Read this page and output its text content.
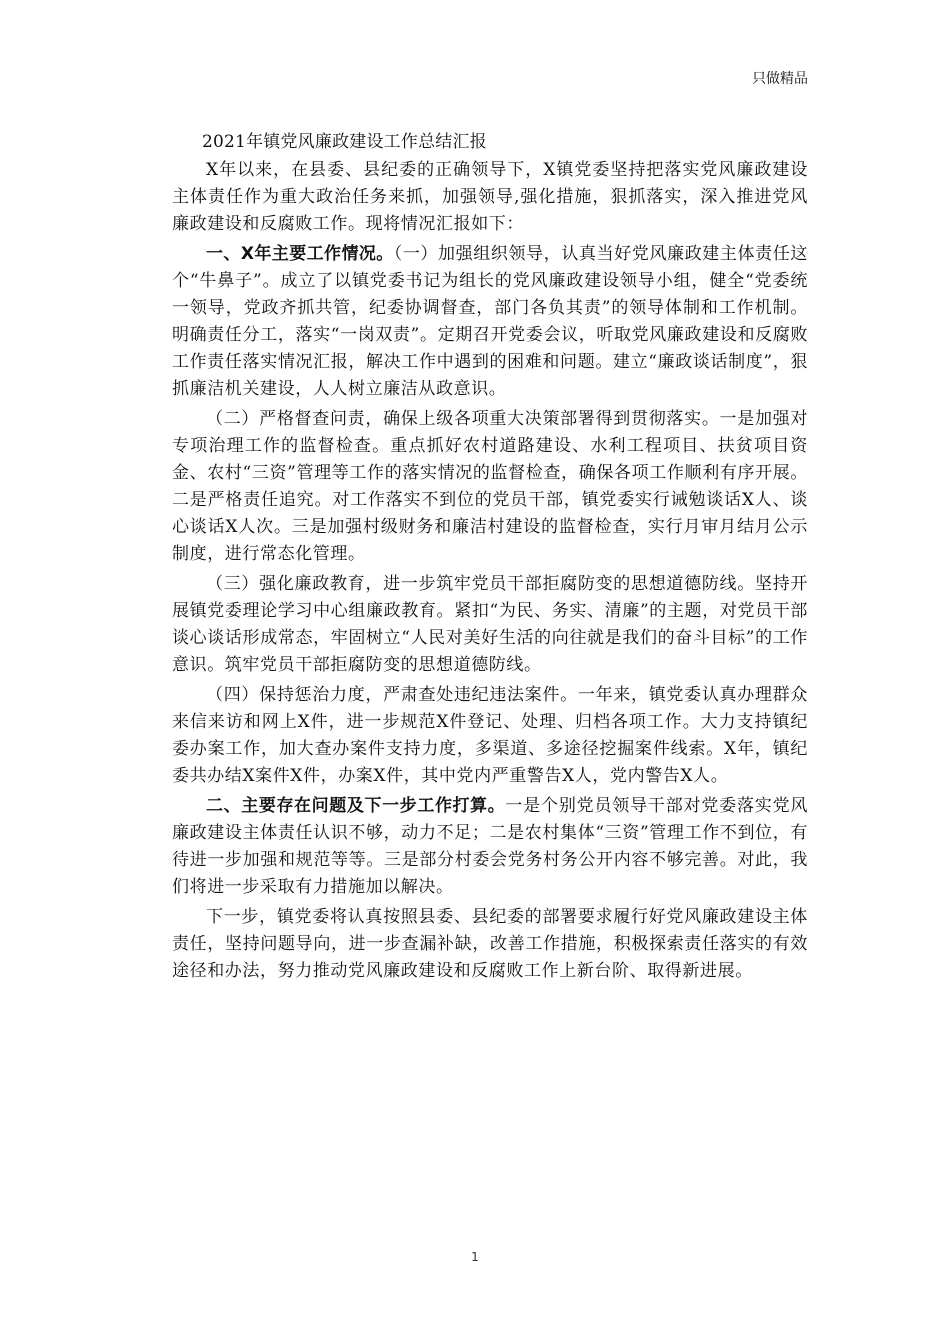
只做精品
2021年镇党风廉政建设工作总结汇报

X年以来，在县委、县纪委的正确领导下，X镇党委坚持把落实党风廉政建设主体责任作为重大政治任务来抓，加强领导,强化措施，狠抓落实，深入推进党风廉政建设和反腐败工作。现将情况汇报如下：

一、X年主要工作情况。（一）加强组织领导，认真当好党风廉政建主体责任这个“牛鼻子”。成立了以镇党委书记为组长的党风廉政建设领导小组，健全“党委统一领导，党政齐抓共管，纪委协调督查，部门各负其责”的领导体制和工作机制。明确责任分工，落实“一岗双责”。定期召开党委会议，听取党风廉政建设和反腐败工作责任落实情况汇报，解决工作中遇到的困难和问题。建立“廉政谈话制度”，狠抓廉洁机关建设，人人树立廉洁从政意识。

（二）严格督查问责，确保上级各项重大决策部署得到贯彻落实。一是加强对专项治理工作的监督检查。重点抓好农村道路建设、水利工程项目、扶贫项目资金、农村“三资”管理等工作的落实情况的监督检查，确保各项工作顺利有序开展。二是严格责任追究。对工作落实不到位的党员干部，镇党委实行诫勉谈话X人、谈心谈话X人次。三是加强村级财务和廉洁村建设的监督检查，实行月审月结月公示制度，进行常态化管理。

（三）强化廉政教育，进一步筑牢党员干部拒腐防变的思想道德防线。坚持开展镇党委理论学习中心组廉政教育。紧扣“为民、务实、清廉”的主题，对党员干部谈心谈话形成常态，牢固树立“人民对美好生活的向往就是我们的奋斗目标”的工作意识。筑牢党员干部拒腐防变的思想道德防线。

（四）保持惩治力度，严肃查处违纪违法案件。一年来，镇党委认真办理群众来信来访和网上X件，进一步规范X件登记、处理、归档各项工作。大力支持镇纪委办案工作，加大查办案件支持力度，多渠道、多途径挖掘案件线索。X年，镇纪委共办结X案件X件，办案X件，其中党内严重警告X人，党内警告X人。

二、主要存在问题及下一步工作打算。一是个别党员领导干部对党委落实党风廉政建设主体责任认识不够，动力不足；二是农村集体“三资”管理工作不到位，有待进一步加强和规范等等。三是部分村委会党务村务公开内容不够完善。对此，我们将进一步采取有力措施加以解决。

下一步，镇党委将认真按照县委、县纪委的部署要求履行好党风廉政建设主体责任，坚持问题导向，进一步查漏补缺，改善工作措施，积极探索责任落实的有效途径和办法，努力推动党风廉政建设和反腐败工作上新台阶、取得新进展。

1
